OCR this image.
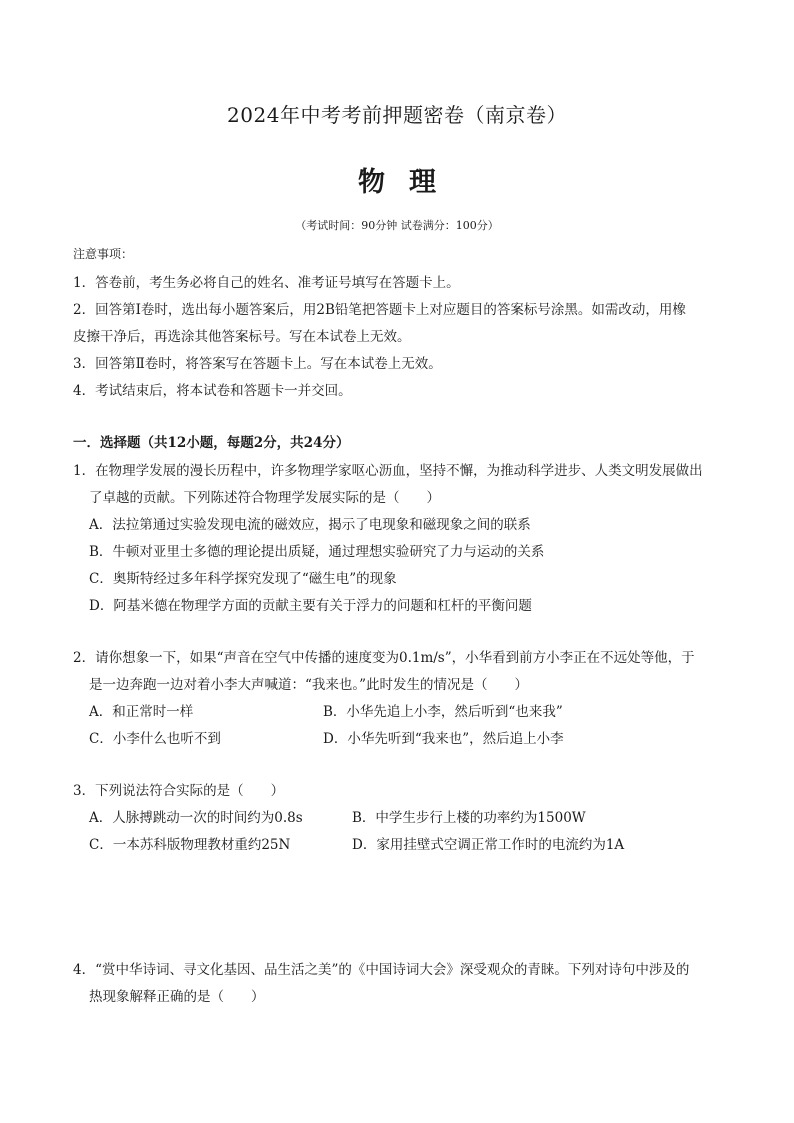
2024年中考考前押题密卷（南京卷）
物理
（考试时间：90分钟 试卷满分：100分）
注意事项：
1．答卷前，考生务必将自己的姓名、准考证号填写在答题卡上。
2．回答第Ⅰ卷时，选出每小题答案后，用2B铅笔把答题卡上对应题目的答案标号涂黑。如需改动，用橡
皮擦干净后，再选涂其他答案标号。写在本试卷上无效。
3．回答第Ⅱ卷时，将答案写在答题卡上。写在本试卷上无效。
4．考试结束后，将本试卷和答题卡一并交回。
一．选择题（共12小题，每题2分，共24分）
1．在物理学发展的漫长历程中，许多物理学家呕心沥血，坚持不懈，为推动科学进步、人类文明发展做出
了卓越的贡献。下列陈述符合物理学发展实际的是（　　）
A．法拉第通过实验发现电流的磁效应，揭示了电现象和磁现象之间的联系
B．牛顿对亚里士多德的理论提出质疑，通过理想实验研究了力与运动的关系
C．奥斯特经过多年科学探究发现了“磁生电”的现象
D．阿基米德在物理学方面的贡献主要有关于浮力的问题和杠杆的平衡问题
2．请你想象一下，如果“声音在空气中传播的速度变为0.1m/s”，小华看到前方小李正在不远处等他，于
是一边奔跑一边对着小李大声喊道：“我来也。”此时发生的情况是（　　）
A．和正常时一样	B．小华先追上小李，然后听到“也来我”
C．小李什么也听不到	D．小华先听到“我来也”，然后追上小李
3．下列说法符合实际的是（　　）
A．人脉搏跳动一次的时间约为0.8s	B．中学生步行上楼的功率约为1500W
C．一本苏科版物理教材重约25N	D．家用挂壁式空调正常工作时的电流约为1A
4．“赏中华诗词、寻文化基因、品生活之美”的《中国诗词大会》深受观众的青睐。下列对诗句中涉及的
热现象解释正确的是（　　）
